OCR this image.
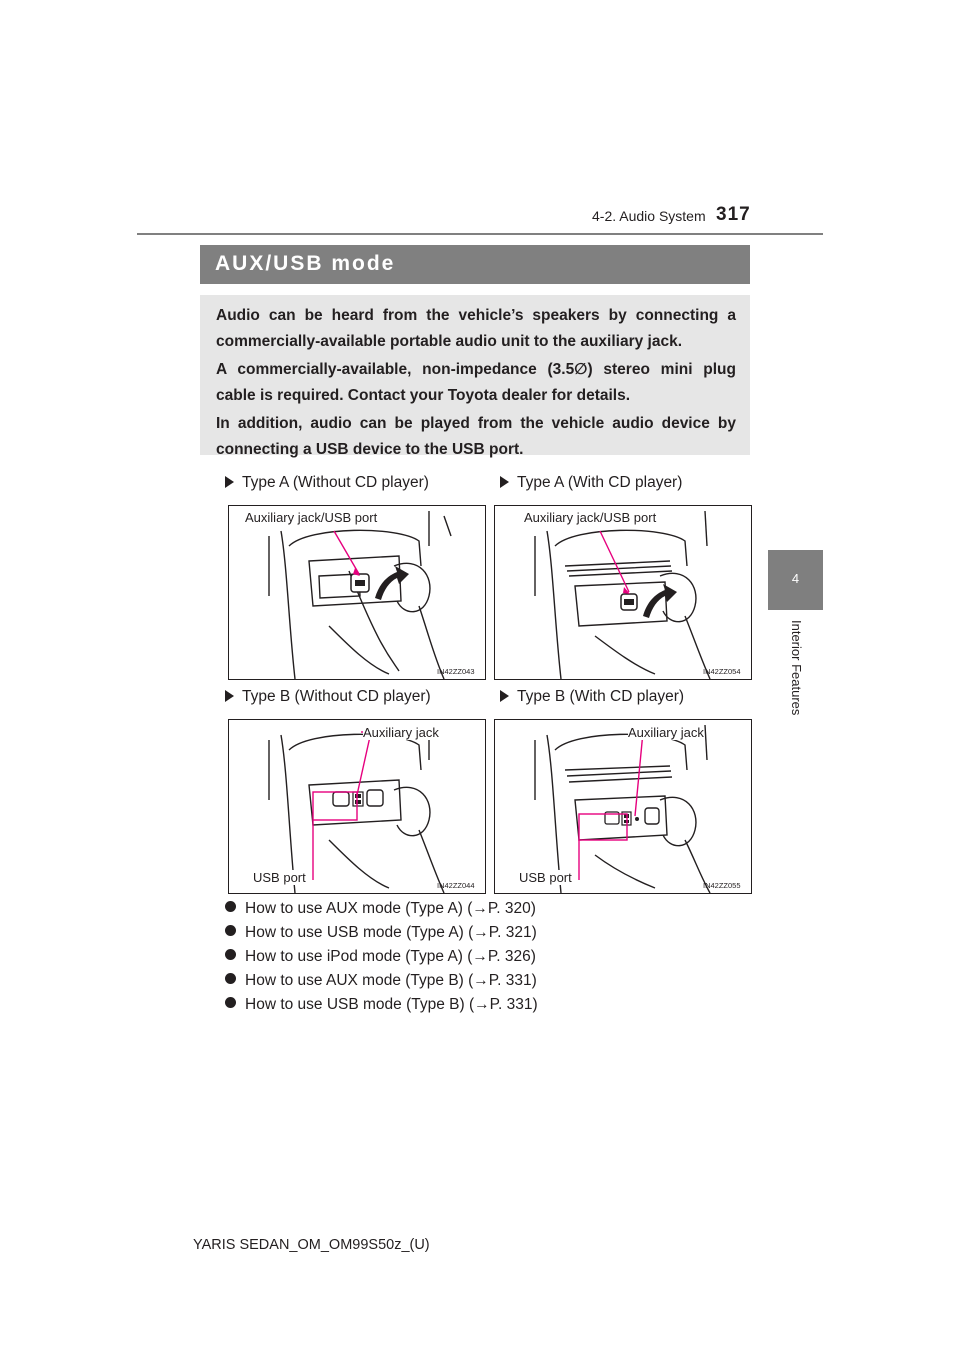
4-2. Audio System 317
4
Interior Features
AUX/USB mode

Audio can be heard from the vehicle’s speakers by connecting a commercially-available portable audio unit to the auxiliary jack.

A commercially-available, non-impedance (3.5∅) stereo mini plug cable is required. Contact your Toyota dealer for details.

In addition, audio can be played from the vehicle audio device by connecting a USB device to the USB port.

Type A (Without CD player)	Type A (With CD player)
Type B (Without CD player)	Type B (With CD player)
Auxiliary jack/USB port
IN42ZZ043
Auxiliary jack/USB port
IN42ZZ054
Auxiliary jack
USB port
IN42ZZ044
Auxiliary jack
USB port
IN42ZZ055
How to use AUX mode (Type A) (→P. 320)
How to use USB mode (Type A) (→P. 321)
How to use iPod mode (Type A) (→P. 326)
How to use AUX mode (Type B) (→P. 331)
How to use USB mode (Type B) (→P. 331)
YARIS SEDAN_OM_OM99S50z_(U)
